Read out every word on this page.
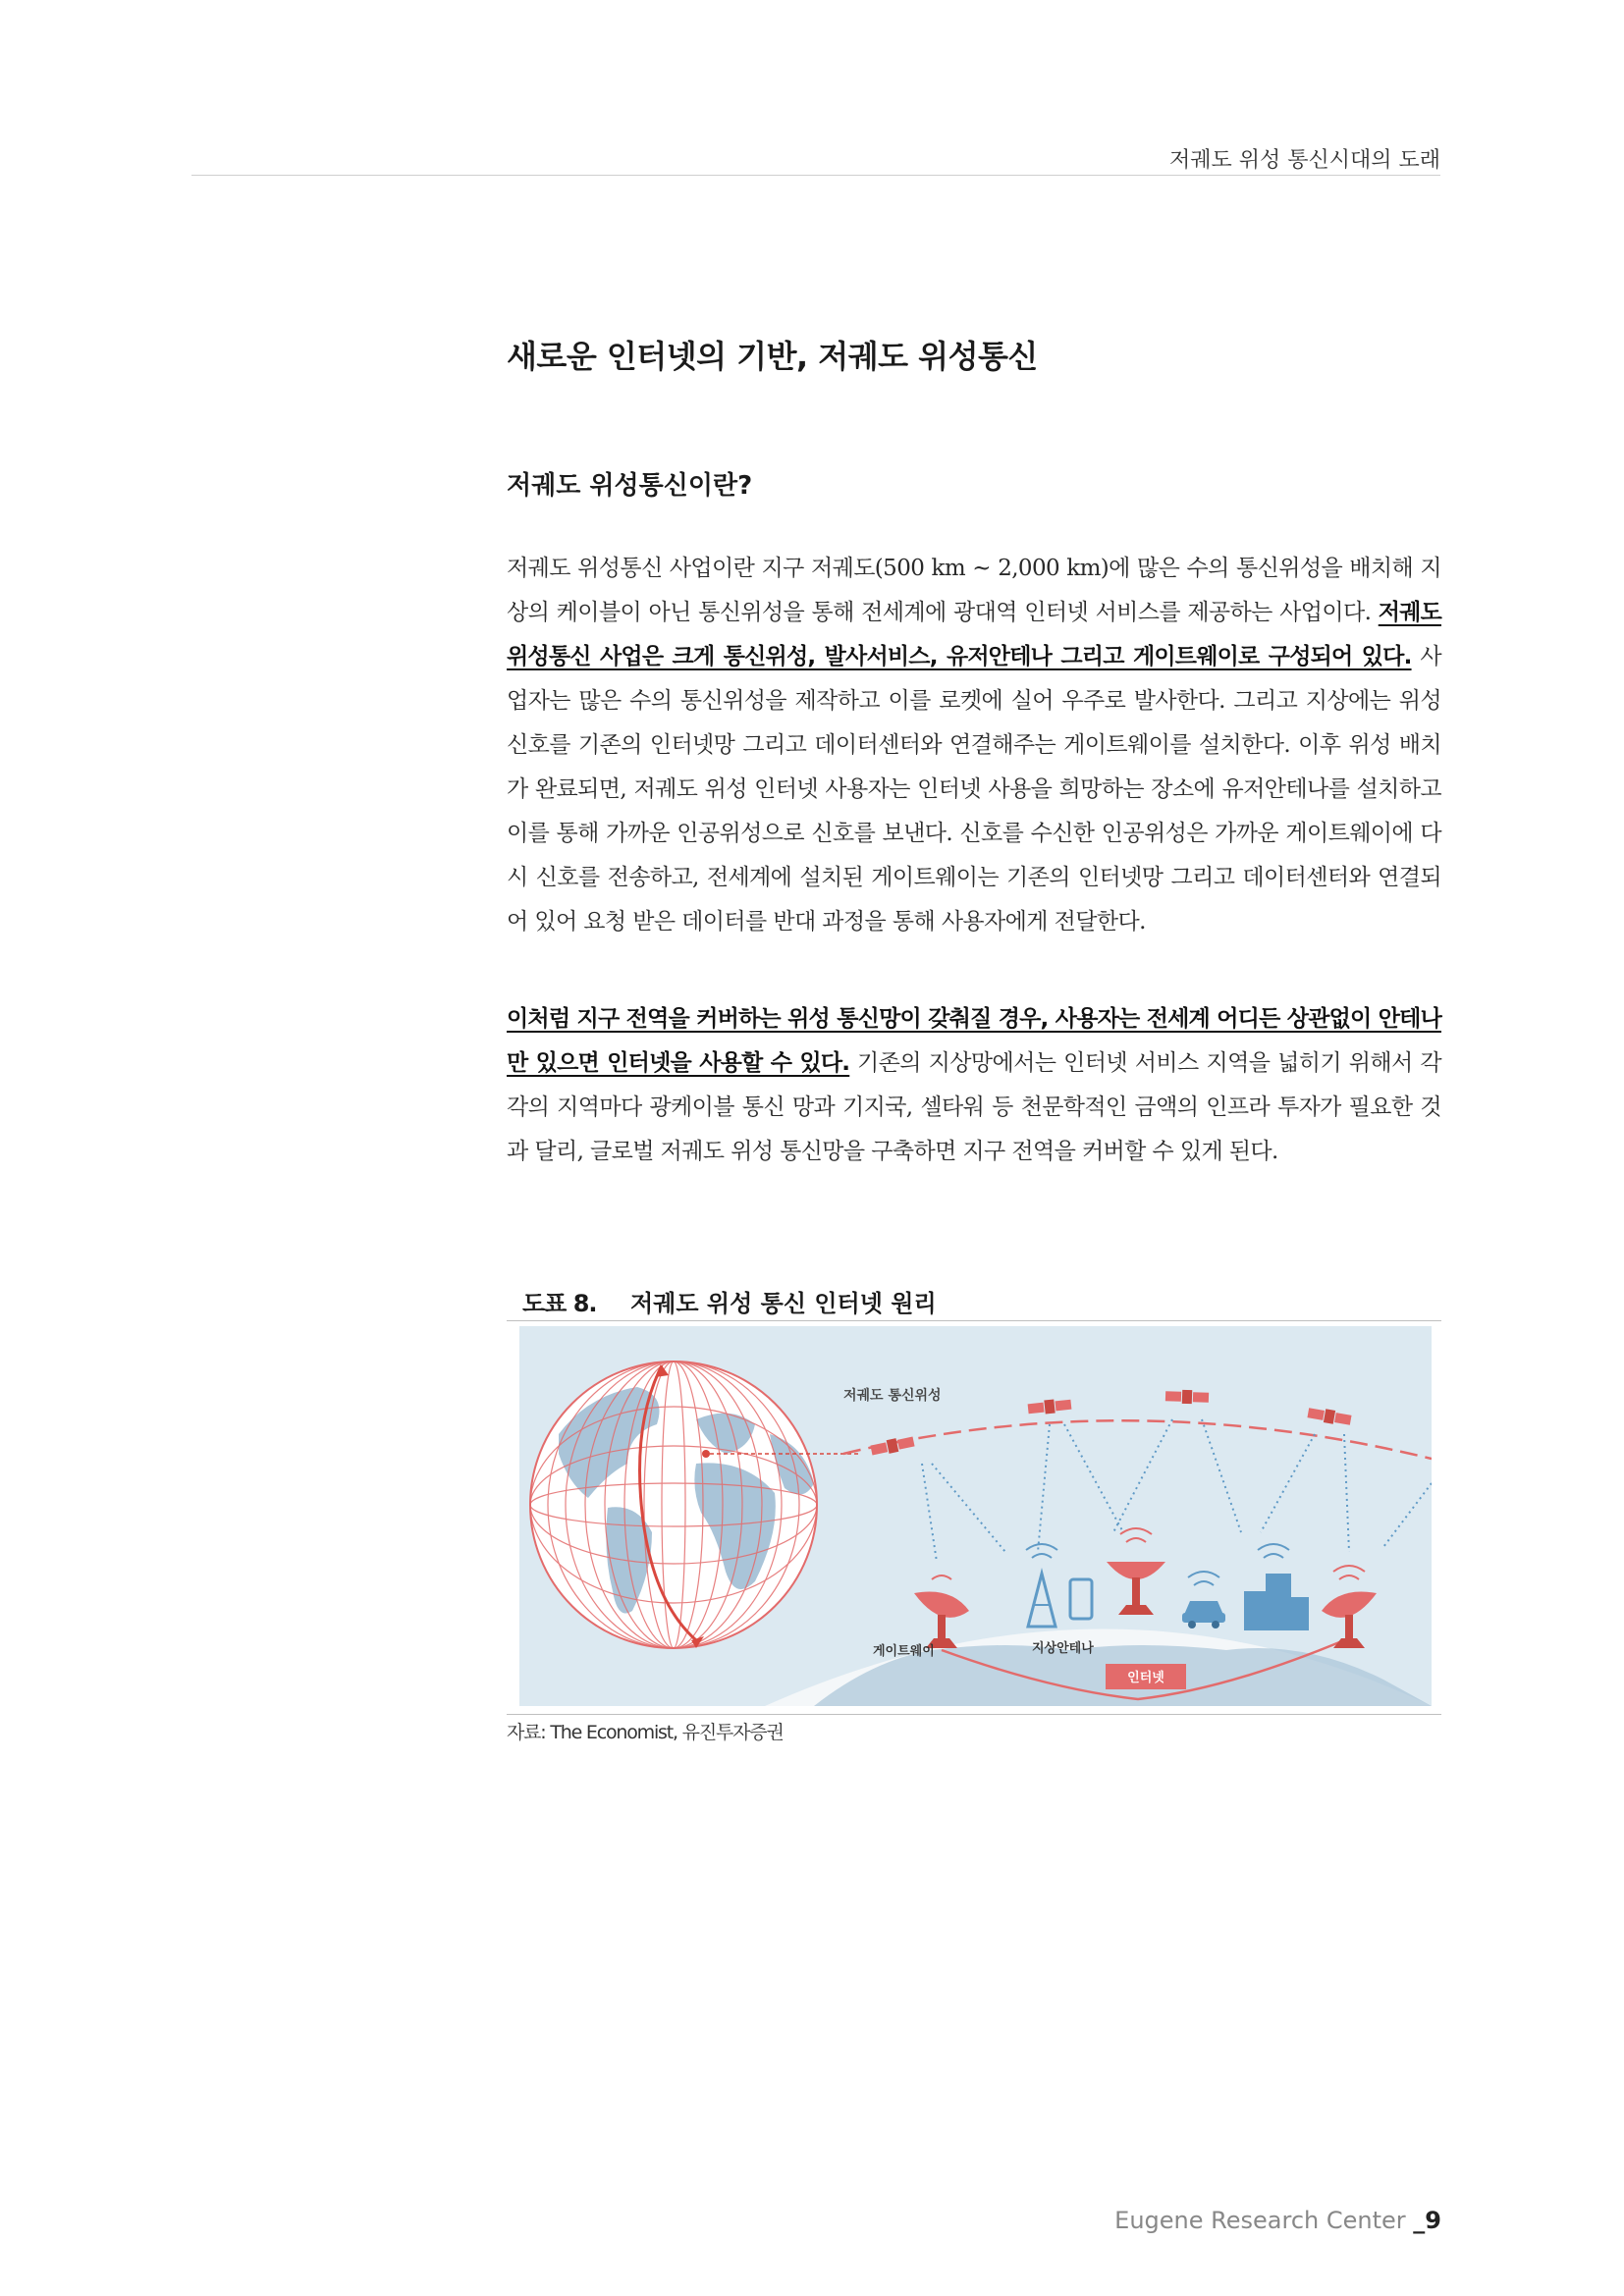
저궤도 위성 통신시대의 도래
새로운 인터넷의 기반, 저궤도 위성통신
저궤도 위성통신이란?

저궤도 위성통신 사업이란 지구 저궤도(500 km ~ 2,000 km)에 많은 수의 통신위성을 배치해 지상의 케이블이 아닌 통신위성을 통해 전세계에 광대역 인터넷 서비스를 제공하는 사업이다. 저궤도 위성통신 사업은 크게 통신위성, 발사서비스, 유저안테나 그리고 게이트웨이로 구성되어 있다. 사업자는 많은 수의 통신위성을 제작하고 이를 로켓에 실어 우주로 발사한다. 그리고 지상에는 위성 신호를 기존의 인터넷망 그리고 데이터센터와 연결해주는 게이트웨이를 설치한다. 이후 위성 배치가 완료되면, 저궤도 위성 인터넷 사용자는 인터넷 사용을 희망하는 장소에 유저안테나를 설치하고 이를 통해 가까운 인공위성으로 신호를 보낸다. 신호를 수신한 인공위성은 가까운 게이트웨이에 다시 신호를 전송하고, 전세계에 설치된 게이트웨이는 기존의 인터넷망 그리고 데이터센터와 연결되어 있어 요청 받은 데이터를 반대 과정을 통해 사용자에게 전달한다.

이처럼 지구 전역을 커버하는 위성 통신망이 갖춰질 경우, 사용자는 전세계 어디든 상관없이 안테나만 있으면 인터넷을 사용할 수 있다. 기존의 지상망에서는 인터넷 서비스 지역을 넓히기 위해서 각각의 지역마다 광케이블 통신 망과 기지국, 셀타워 등 천문학적인 금액의 인프라 투자가 필요한 것과 달리, 글로벌 저궤도 위성 통신망을 구축하면 지구 전역을 커버할 수 있게 된다.

도표 8. 저궤도 위성 통신 인터넷 원리
저궤도 통신위성
게이트웨이	지상안테나
인터넷
자료: The Economist, 유진투자증권
Eugene Research Center _9
